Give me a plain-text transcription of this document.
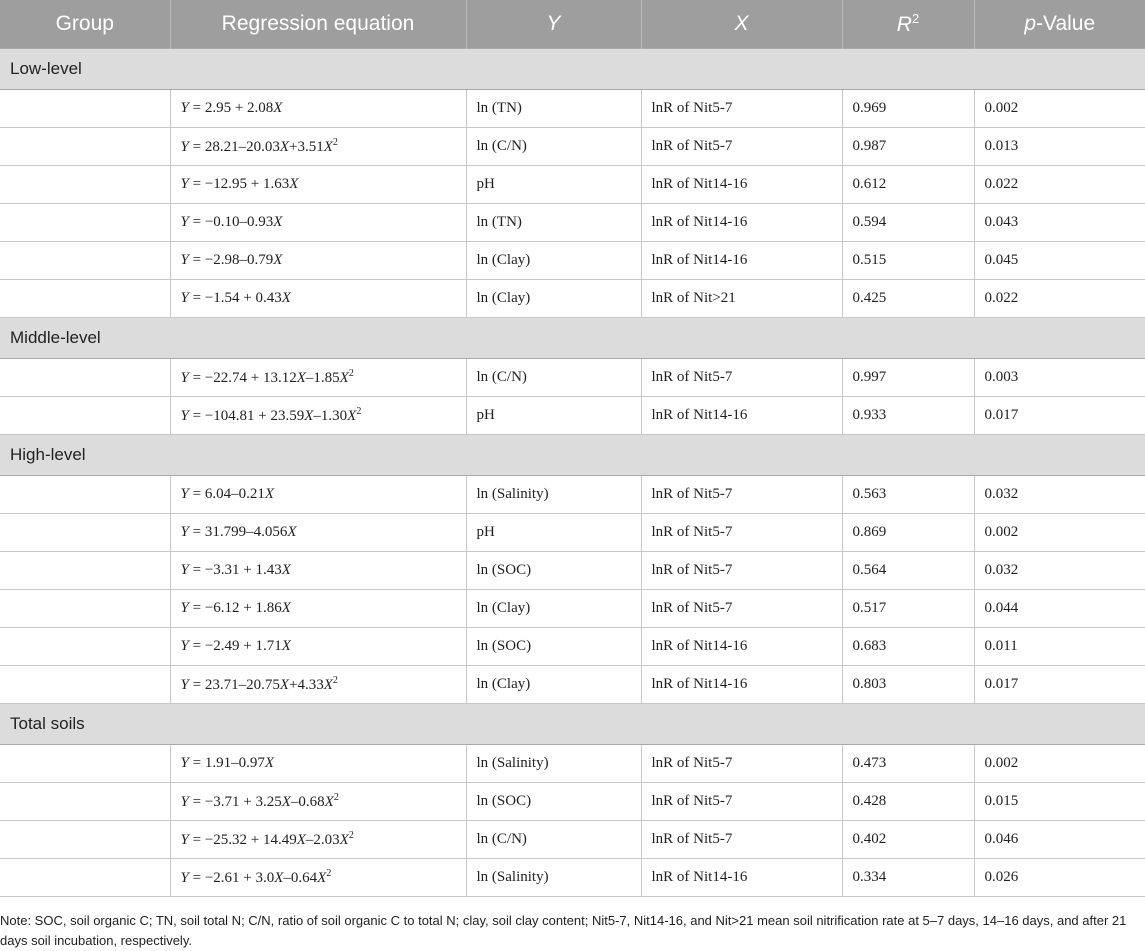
Group	Regression equation	Y	X	$R^2$	p-Value
Low-level					
	Y = 2.95 + 2.08X	ln (TN)	lnR of Nit5-7	0.969	0.002
	$Y = 28.21-20.03X+3.51X^2$	ln (C/N)	lnR of Nit5-7	0.987	0.013
	Y = −12.95 + 1.63X	pH	lnR of Nit14-16	0.612	0.022
	Y = −0.10–0.93X	ln (TN)	lnR of Nit14-16	0.594	0.043
	Y = −2.98–0.79X	ln (Clay)	lnR of Nit14-16	0.515	0.045
	Y = −1.54 + 0.43X	ln (Clay)	lnR of Nit>21	0.425	0.022
Middle-level					
	$Y = -22.74 + 13.12X-1.85X^2$	ln (C/N)	lnR of Nit5-7	0.997	0.003
	$Y = -104.81 + 23.59X-1.30X^2$	pH	lnR of Nit14-16	0.933	0.017
High-level					
	Y = 6.04–0.21X	ln (Salinity)	lnR of Nit5-7	0.563	0.032
	Y = 31.799–4.056X	pH	lnR of Nit5-7	0.869	0.002
	Y = −3.31 + 1.43X	ln (SOC)	lnR of Nit5-7	0.564	0.032
	Y = −6.12 + 1.86X	ln (Clay)	lnR of Nit5-7	0.517	0.044
	Y = −2.49 + 1.71X	ln (SOC)	lnR of Nit14-16	0.683	0.011
	$Y = 23.71-20.75X+4.33X^2$	ln (Clay)	lnR of Nit14-16	0.803	0.017
Total soils					
	Y = 1.91–0.97X	ln (Salinity)	lnR of Nit5-7	0.473	0.002
	$Y = -3.71 + 3.25X-0.68X^2$	ln (SOC)	lnR of Nit5-7	0.428	0.015
	$Y = -25.32 + 14.49X-2.03X^2$	ln (C/N)	lnR of Nit5-7	0.402	0.046
	$Y = -2.61 + 3.0X-0.64X^2$	ln (Salinity)	lnR of Nit14-16	0.334	0.026
Note: SOC, soil organic C; TN, soil total N; C/N, ratio of soil organic C to total N; clay, soil clay content; Nit5-7, Nit14-16, and Nit>21 mean soil nitrification rate at 5–7 days, 14–16 days, and after 21 days soil incubation, respectively.
